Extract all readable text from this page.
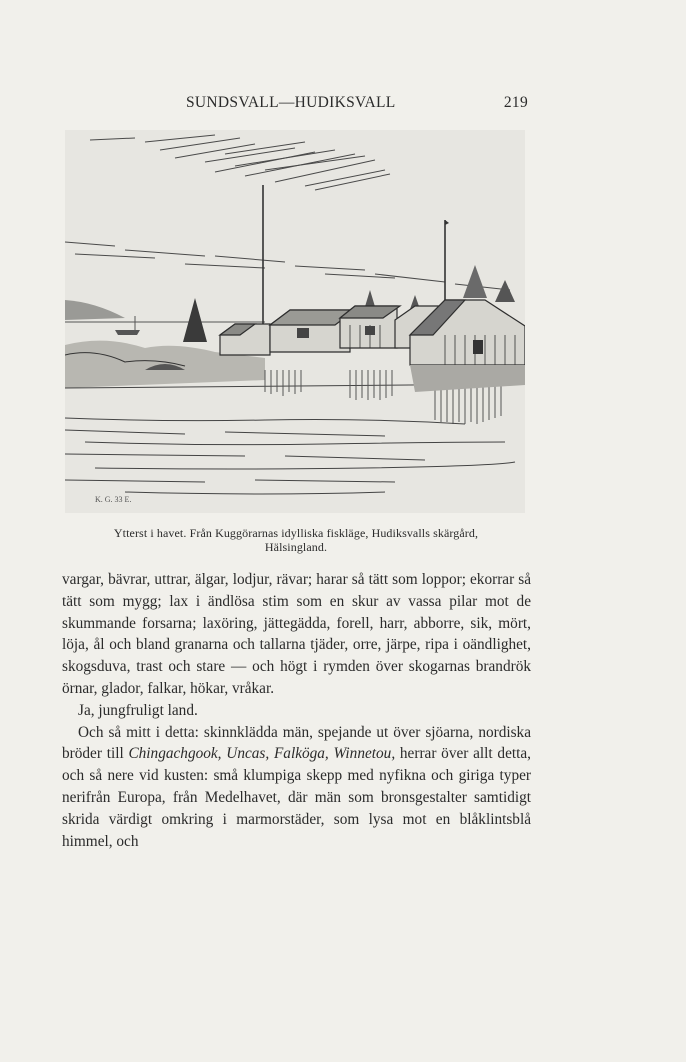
SUNDSVALL—HUDIKSVALL	219
K. G. 33 E.
Ytterst i havet. Från Kuggörarnas idylliska fiskläge, Hudiksvalls skärgård,
Hälsingland.

vargar, bävrar, uttrar, älgar, lodjur, rävar; harar så tätt som loppor; ekorrar så tätt som mygg; lax i ändlösa stim som en skur av vassa pilar mot de skummande forsarna; laxöring, jättegädda, forell, harr, abborre, sik, mört, löja, ål och bland granarna och tallarna tjäder, orre, järpe, ripa i oändlighet, skogsduva, trast och stare — och högt i rymden över skogarnas brandrök örnar, glador, falkar, hökar, vråkar.

Ja, jungfruligt land.

Och så mitt i detta: skinnklädda män, spejande ut över sjöarna, nordiska bröder till Chingachgook, Uncas, Falköga, Winnetou, herrar över allt detta, och så nere vid kusten: små klumpiga skepp med nyfikna och giriga typer nerifrån Europa, från Medelhavet, där män som bronsgestalter samtidigt skrida värdigt omkring i marmorstäder, som lysa mot en blåklintsblå himmel, och
